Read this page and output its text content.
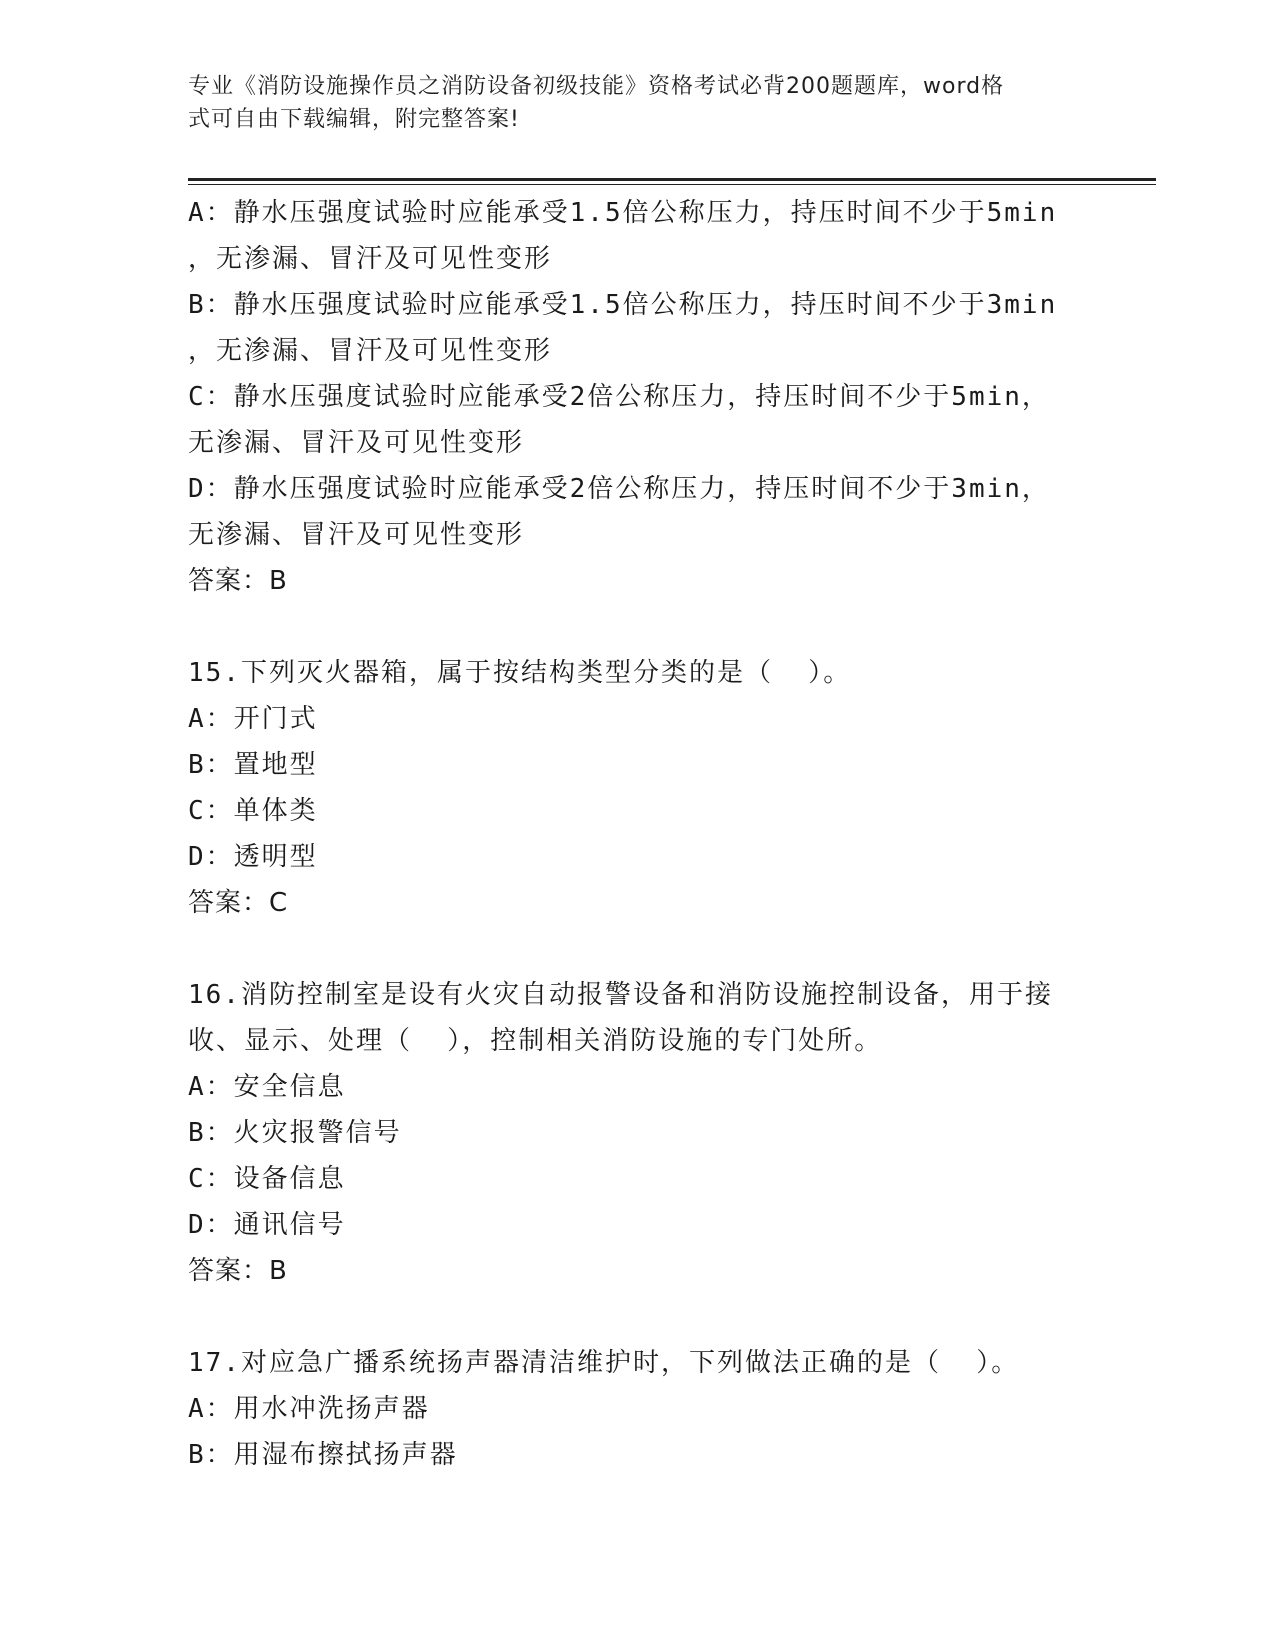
专业《消防设施操作员之消防设备初级技能》资格考试必背200题题库，word格
式可自由下载编辑，附完整答案!
A：静水压强度试验时应能承受1.5倍公称压力，持压时间不少于5min
，无渗漏、冒汗及可见性变形
B：静水压强度试验时应能承受1.5倍公称压力，持压时间不少于3min
，无渗漏、冒汗及可见性变形
C：静水压强度试验时应能承受2倍公称压力，持压时间不少于5min，
无渗漏、冒汗及可见性变形
D：静水压强度试验时应能承受2倍公称压力，持压时间不少于3min，
无渗漏、冒汗及可见性变形
答案：B
15.下列灭火器箱，属于按结构类型分类的是（  ）。
A：开门式
B：置地型
C：单体类
D：透明型
答案：C
16.消防控制室是设有火灾自动报警设备和消防设施控制设备，用于接
收、显示、处理（  ），控制相关消防设施的专门处所。
A：安全信息
B：火灾报警信号
C：设备信息
D：通讯信号
答案：B
17.对应急广播系统扬声器清洁维护时，下列做法正确的是（  ）。
A：用水冲洗扬声器
B：用湿布擦拭扬声器
